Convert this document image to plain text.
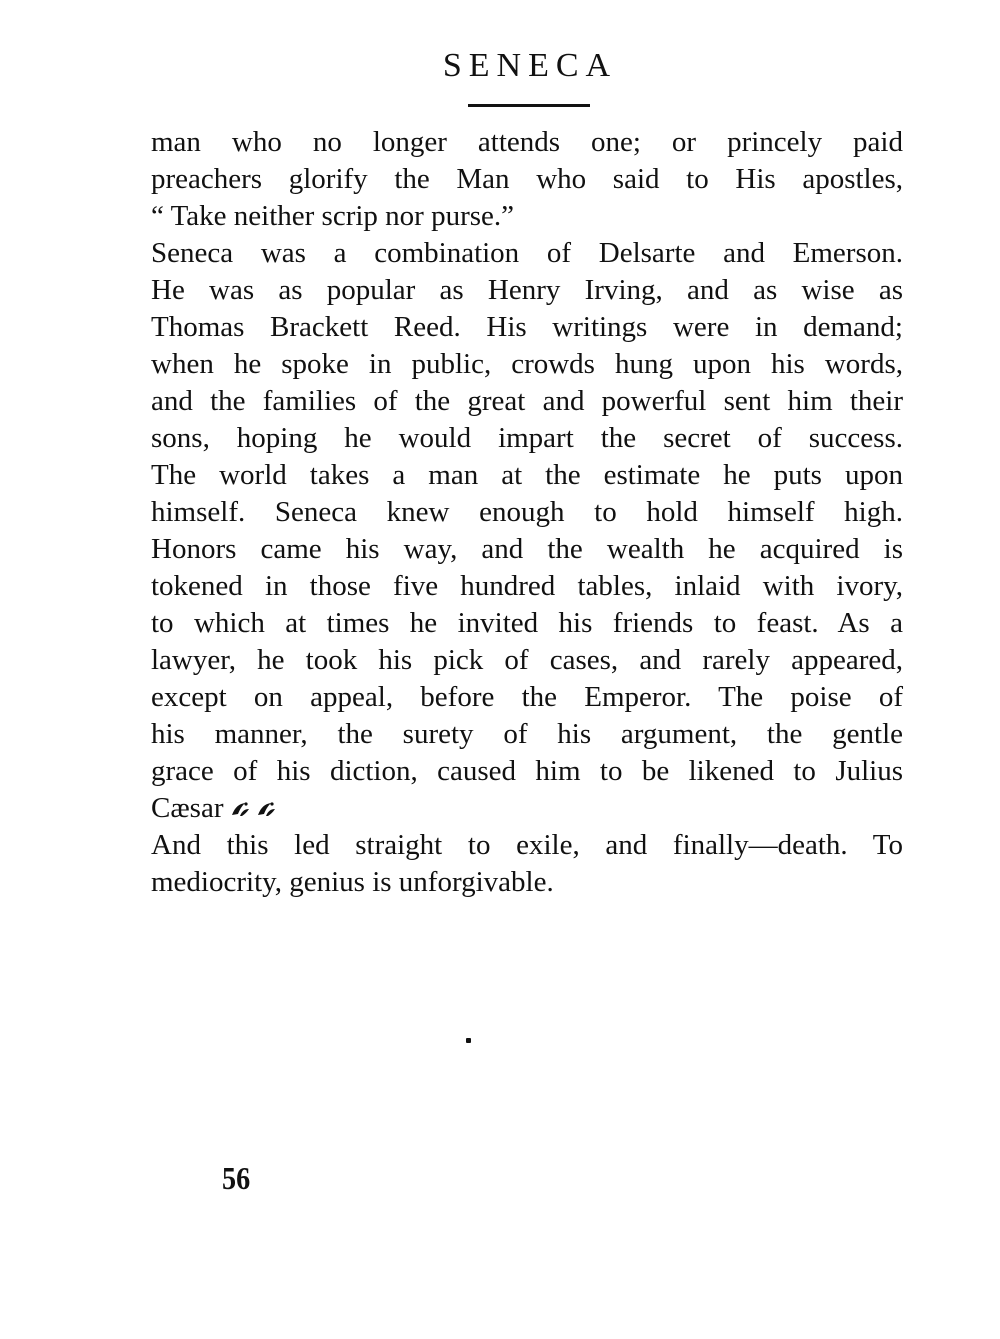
SENECA
man who no longer attends one; or princely paid
preachers glorify the Man who said to His apostles,
“ Take neither scrip nor purse.”
Seneca was a combination of Delsarte and Emerson.
He was as popular as Henry Irving, and as wise as
Thomas Brackett Reed. His writings were in demand;
when he spoke in public, crowds hung upon his words,
and the families of the great and powerful sent him their
sons, hoping he would impart the secret of success.
The world takes a man at the estimate he puts upon
himself. Seneca knew enough to hold himself high.
Honors came his way, and the wealth he acquired is
tokened in those five hundred tables, inlaid with ivory,
to which at times he invited his friends to feast. As a
lawyer, he took his pick of cases, and rarely appeared,
except on appeal, before the Emperor. The poise of
his manner, the surety of his argument, the gentle
grace of his diction, caused him to be likened to Julius
Cæsar
And this led straight to exile, and finally—death. To
mediocrity, genius is unforgivable.
56
